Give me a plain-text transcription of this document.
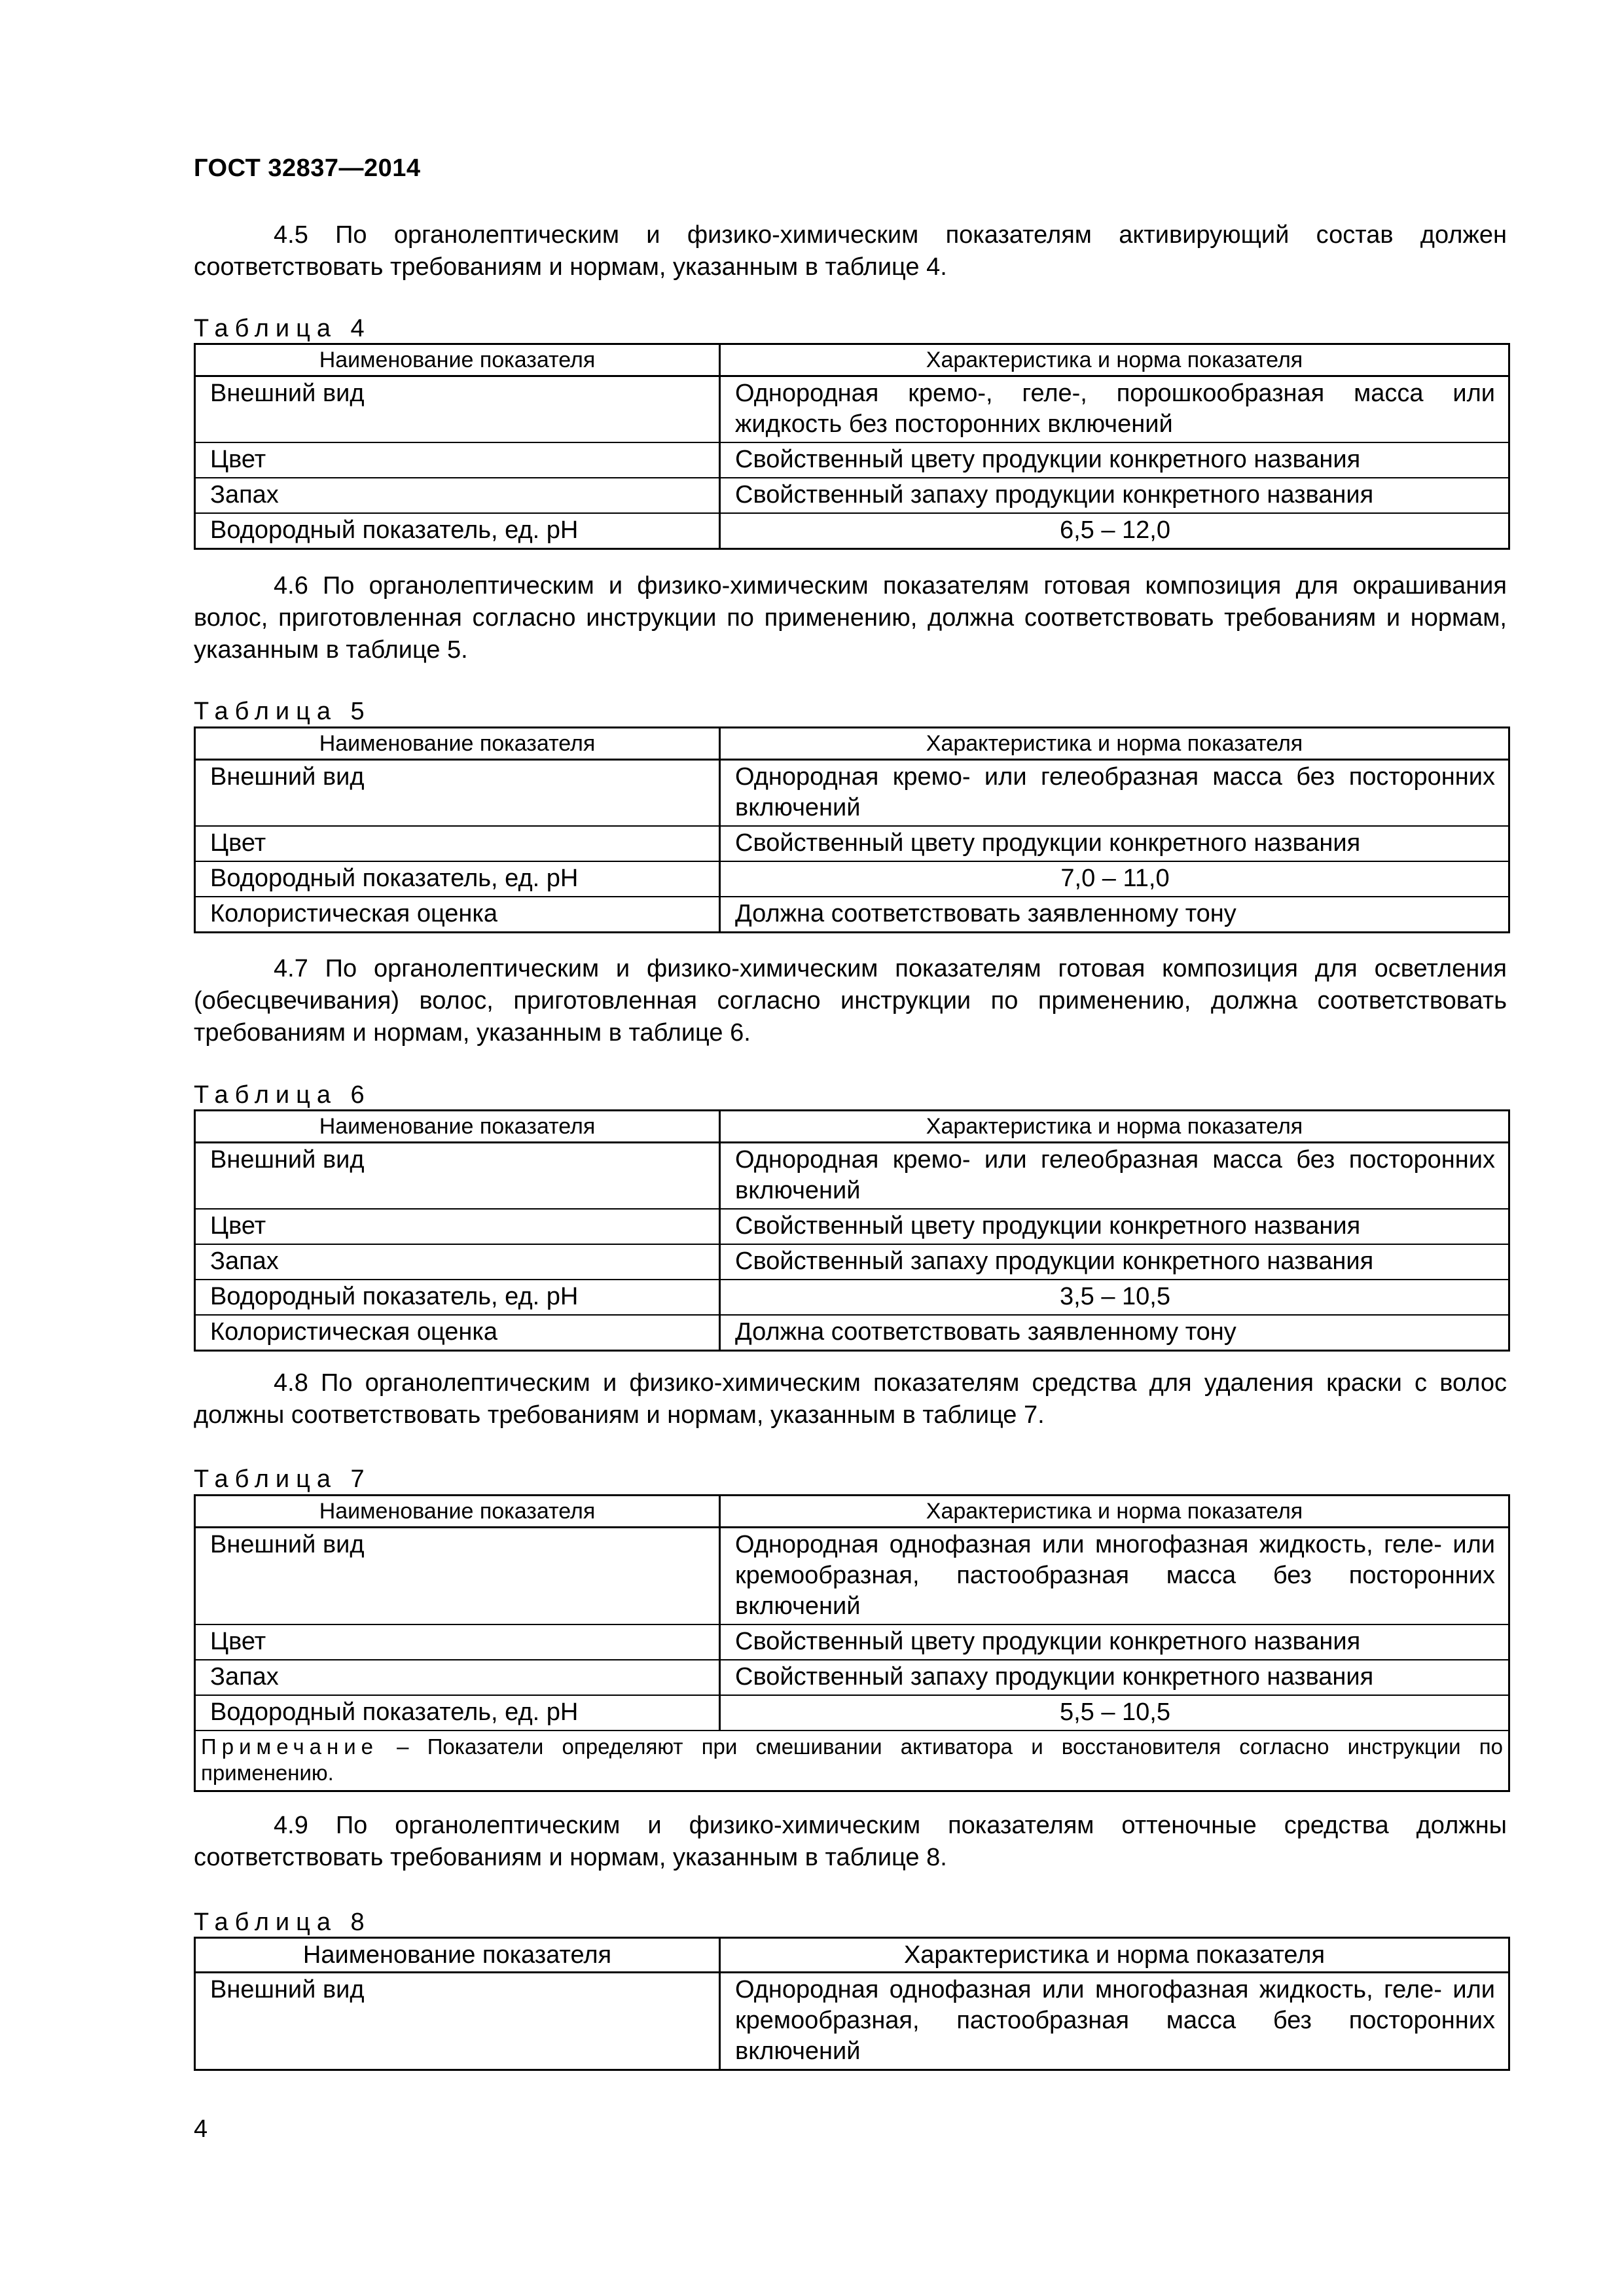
ГОСТ 32837—2014

4.5 По органолептическим и физико-химическим показателям активирующий состав должен соответствовать требованиям и нормам, указанным в таблице 4.

Таблица 4
Наименование показателя	Характеристика и норма показателя
Внешний вид	Однородная кремо-, геле-, порошкообразная масса или жидкость без посторонних включений
Цвет	Свойственный цвету продукции конкретного названия
Запах	Свойственный запаху продукции конкретного названия
Водородный показатель, ед. рН	6,5 – 12,0

4.6 По органолептическим и физико-химическим показателям готовая композиция для окрашивания волос, приготовленная согласно инструкции по применению, должна соответствовать требованиям и нормам, указанным в таблице 5.

Таблица 5
Наименование показателя	Характеристика и норма показателя
Внешний вид	Однородная кремо- или гелеобразная масса без посторонних включений
Цвет	Свойственный цвету продукции конкретного названия
Водородный показатель, ед. рН	7,0 – 11,0
Колористическая оценка	Должна соответствовать заявленному тону

4.7 По органолептическим и физико-химическим показателям готовая композиция для осветления (обесцвечивания) волос, приготовленная согласно инструкции по применению, должна соответствовать требованиям и нормам, указанным в таблице 6.

Таблица 6
Наименование показателя	Характеристика и норма показателя
Внешний вид	Однородная кремо- или гелеобразная масса без посторонних включений
Цвет	Свойственный цвету продукции конкретного названия
Запах	Свойственный запаху продукции конкретного названия
Водородный показатель, ед. рН	3,5 – 10,5
Колористическая оценка	Должна соответствовать заявленному тону

4.8 По органолептическим и физико-химическим показателям средства для удаления краски с волос должны соответствовать требованиям и нормам, указанным в таблице 7.

Таблица 7
Наименование показателя	Характеристика и норма показателя
Внешний вид	Однородная однофазная или многофазная жидкость, геле- или кремообразная, пастообразная масса без посторонних включений
Цвет	Свойственный цвету продукции конкретного названия
Запах	Свойственный запаху продукции конкретного названия
Водородный показатель, ед. рН	5,5 – 10,5
Примечание – Показатели определяют при смешивании активатора и восстановителя согласно инструкции по применению.	

4.9 По органолептическим и физико-химическим показателям оттеночные средства должны соответствовать требованиям и нормам, указанным в таблице 8.

Таблица 8
Наименование показателя	Характеристика и норма показателя
Внешний вид	Однородная однофазная или многофазная жидкость, геле- или кремообразная, пастообразная масса без посторонних включений
4
